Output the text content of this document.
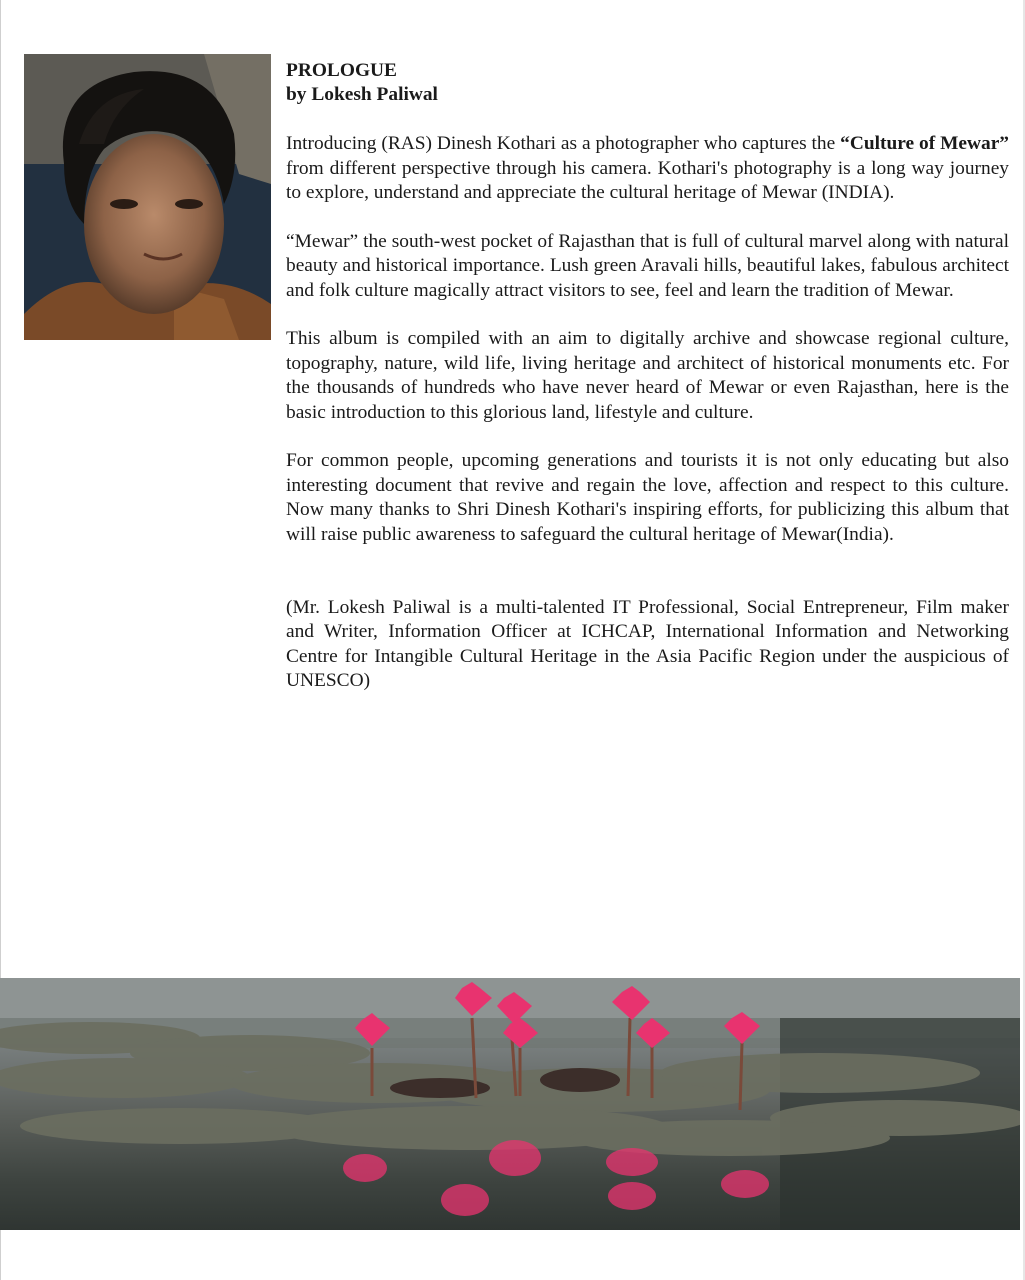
PROLOGUE

by Lokesh Paliwal

Introducing (RAS) Dinesh Kothari as a photographer who captures the “Culture of Mewar” from different perspective through his camera. Kothari's photography is a long way journey to explore, understand and appreciate the cultural heritage of Mewar (INDIA).

“Mewar” the south-west pocket of Rajasthan that is full of cultural marvel along with natural beauty and historical importance. Lush green Aravali hills, beautiful lakes, fabulous architect and folk culture magically attract visitors to see, feel and learn the tradition of Mewar.

This album is compiled with an aim to digitally archive and showcase regional culture, topography, nature, wild life, living heritage and architect of historical monuments etc. For the thousands of hundreds who have never heard of Mewar or even Rajasthan, here is the basic introduction to this glorious land, lifestyle and culture.

For common people, upcoming generations and tourists it is not only educating but also interesting document that revive and regain the love, affection and respect to this culture. Now many thanks to Shri Dinesh Kothari's inspiring efforts, for publicizing this album that will raise public awareness to safeguard the cultural heritage of Mewar(India).

(Mr. Lokesh Paliwal is a multi-talented IT Professional, Social Entrepreneur, Film maker and Writer, Information Officer at ICHCAP, International Information and Networking Centre for Intangible Cultural Heritage in the Asia Pacific Region under the auspicious of UNESCO)
